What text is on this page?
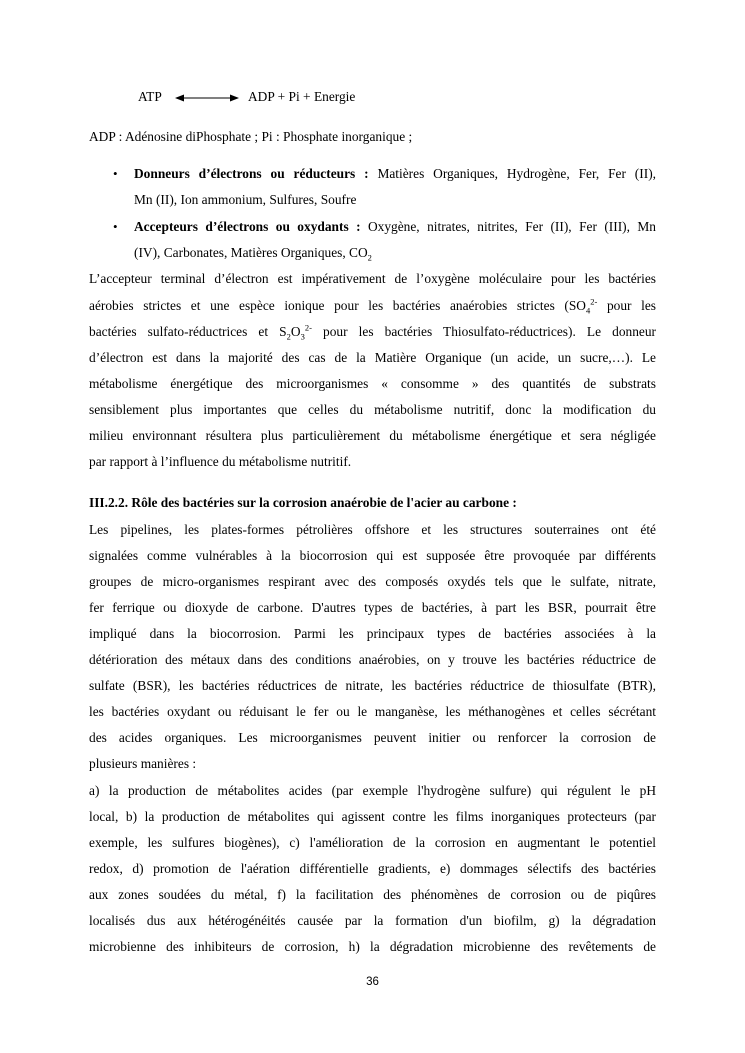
ATP	ADP + Pi + Energie
ADP : Adénosine diPhosphate ; Pi : Phosphate inorganique ;
• Donneurs d’électrons ou réducteurs : Matières Organiques, Hydrogène, Fer, Fer (II),
Mn (II), Ion ammonium, Sulfures, Soufre
• Accepteurs d’électrons ou oxydants : Oxygène, nitrates, nitrites, Fer (II), Fer (III), Mn
(IV), Carbonates, Matières Organiques, $CO_2$
L’accepteur terminal d’électron est impérativement de l’oxygène moléculaire pour les bactéries
aérobies strictes et une espèce ionique pour les bactéries anaérobies strictes ($SO_4^{2-}$ pour les
bactéries sulfato-réductrices et $S_2O_3^{2-}$ pour les bactéries Thiosulfato-réductrices). Le donneur
d’électron est dans la majorité des cas de la Matière Organique (un acide, un sucre,…). Le
métabolisme énergétique des microorganismes « consomme » des quantités de substrats
sensiblement plus importantes que celles du métabolisme nutritif, donc la modification du
milieu environnant résultera plus particulièrement du métabolisme énergétique et sera négligée
par rapport à l’influence du métabolisme nutritif.
III.2.2. Rôle des bactéries sur la corrosion anaérobie de l'acier au carbone :
Les pipelines, les plates-formes pétrolières offshore et les structures souterraines ont été
signalées comme vulnérables à la biocorrosion qui est supposée être provoquée par différents
groupes de micro-organismes respirant avec des composés oxydés tels que le sulfate, nitrate,
fer ferrique ou dioxyde de carbone. D'autres types de bactéries, à part les BSR, pourrait être
impliqué dans la biocorrosion. Parmi les principaux types de bactéries associées à la
détérioration des métaux dans des conditions anaérobies, on y trouve les bactéries réductrice de
sulfate (BSR), les bactéries réductrices de nitrate, les bactéries réductrice de thiosulfate (BTR),
les bactéries oxydant ou réduisant le fer ou le manganèse, les méthanogènes et celles sécrétant
des acides organiques. Les microorganismes peuvent initier ou renforcer la corrosion de
plusieurs manières :
a) la production de métabolites acides (par exemple l'hydrogène sulfure) qui régulent le pH
local, b) la production de métabolites qui agissent contre les films inorganiques protecteurs (par
exemple, les sulfures biogènes), c) l'amélioration de la corrosion en augmentant le potentiel
redox, d) promotion de l'aération différentielle gradients, e) dommages sélectifs des bactéries
aux zones soudées du métal, f) la facilitation des phénomènes de corrosion ou de piqûres
localisés dus aux hétérogénéités causée par la formation d'un biofilm, g) la dégradation
microbienne des inhibiteurs de corrosion, h) la dégradation microbienne des revêtements de
36
